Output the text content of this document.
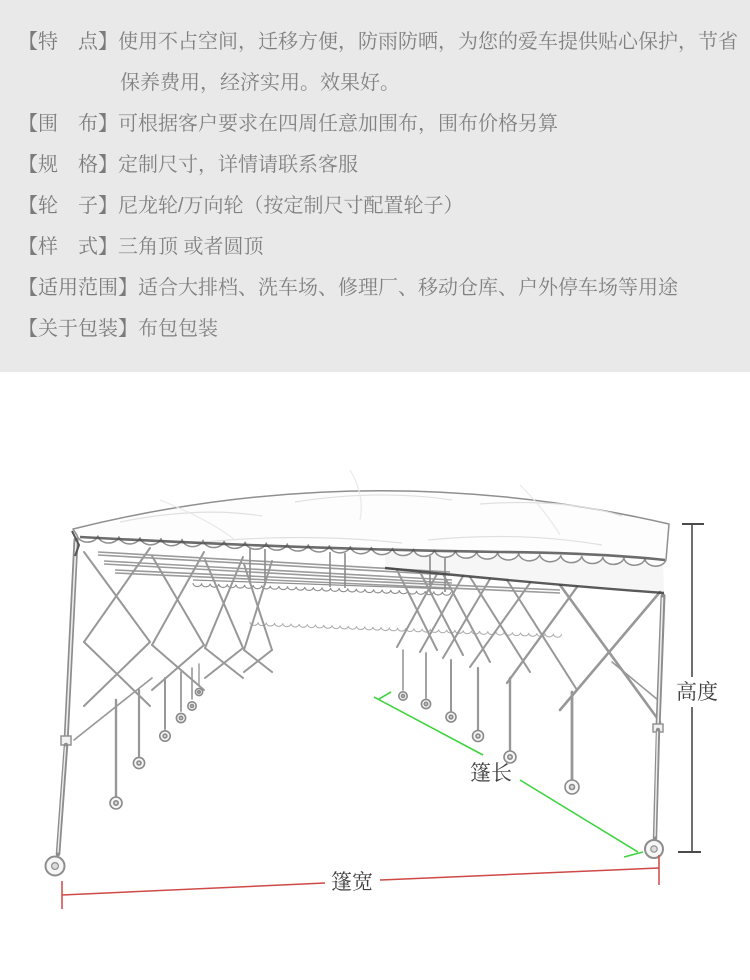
【特　点】使用不占空间，迁移方便，防雨防晒，为您的爱车提供贴心保护，节省保养费用，经济实用。效果好。
【围　布】可根据客户要求在四周任意加围布，围布价格另算
【规　格】定制尺寸，详情请联系客服
【轮　子】尼龙轮/万向轮（按定制尺寸配置轮子）
【样　式】三角顶 或者圆顶
【适用范围】适合大排档、洗车场、修理厂、移动仓库、户外停车场等用途
【关于包装】布包包装
高度
篷长
篷宽
